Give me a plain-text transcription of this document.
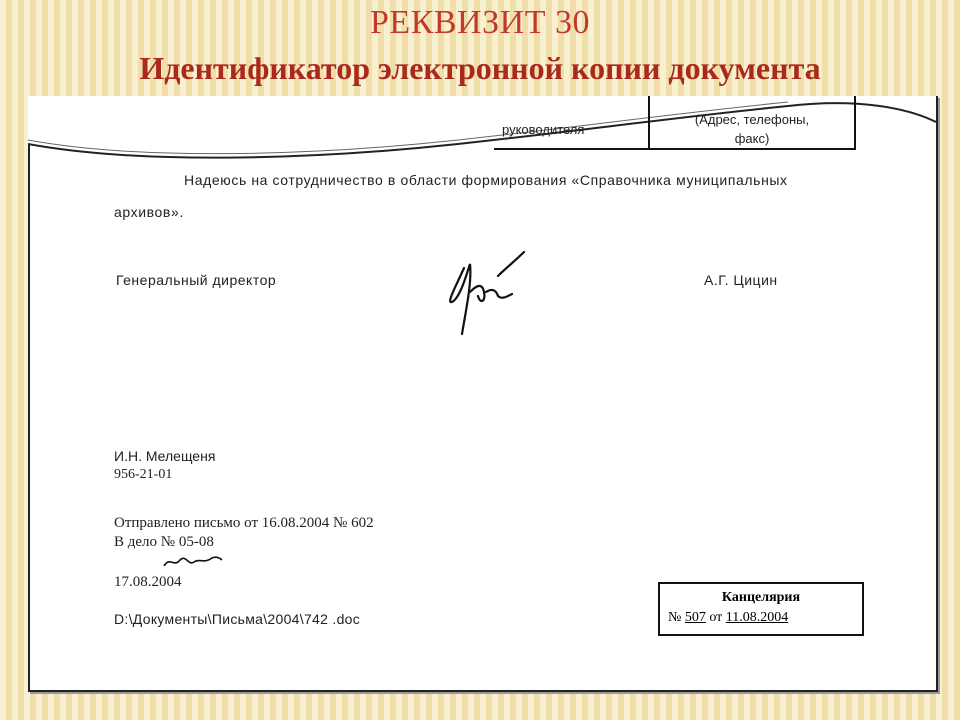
РЕКВИЗИТ 30
Идентификатор электронной копии документа
руководителя
(Адрес, телефоны,
факс)
Надеюсь на сотрудничество в области формирования «Справочника муниципальных
архивов».
Генеральный директор	А.Г. Цицин
И.Н. Мелещеня
956-21-01
Отправлено письмо от 16.08.2004 № 602
В дело № 05-08
17.08.2004
D:\Документы\Письма\2004\742 .doc
Канцелярия
№ 507 от 11.08.2004
